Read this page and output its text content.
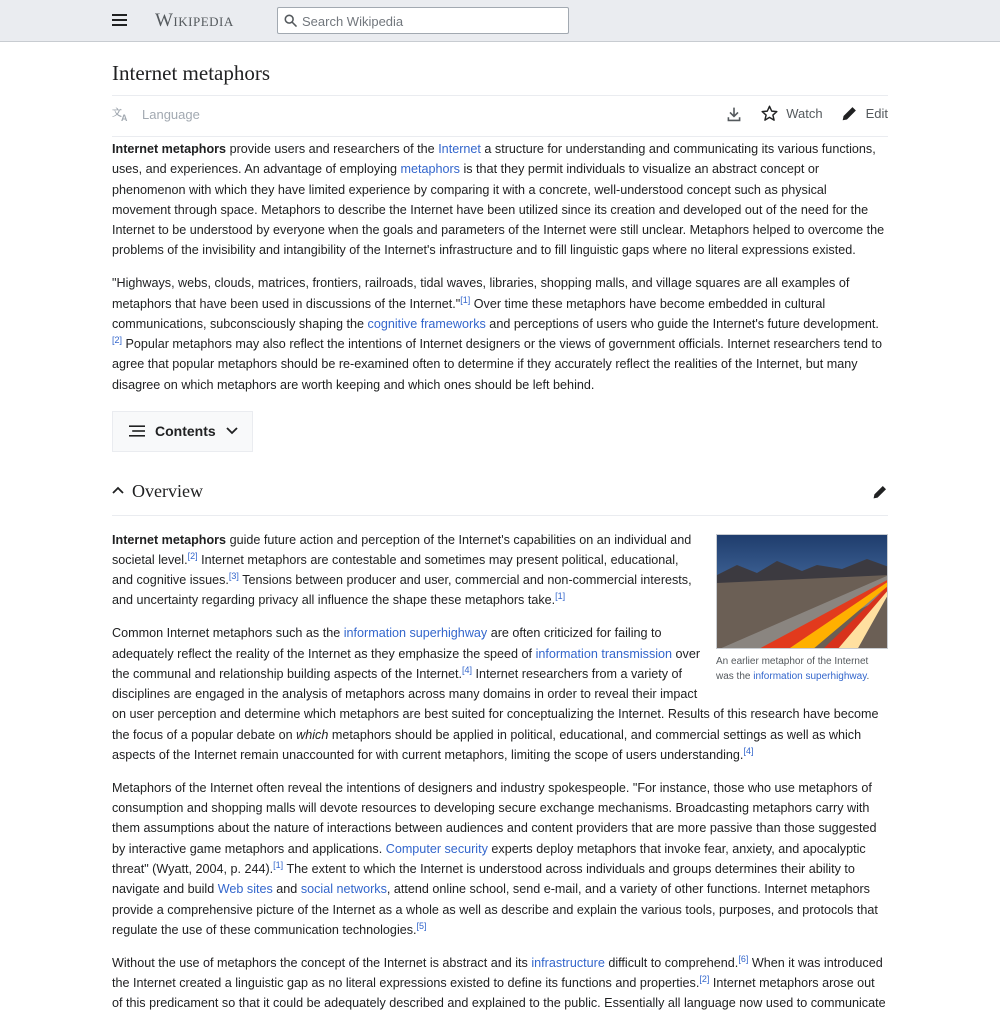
Wikipedia
Search Wikipedia
Internet metaphors
文 A Language	Watch	Edit

Internet metaphors provide users and researchers of the Internet a structure for understanding and communicating its various functions, uses, and experiences. An advantage of employing metaphors is that they permit individuals to visualize an abstract concept or phenomenon with which they have limited experience by comparing it with a concrete, well-understood concept such as physical movement through space. Metaphors to describe the Internet have been utilized since its creation and developed out of the need for the Internet to be understood by everyone when the goals and parameters of the Internet were still unclear. Metaphors helped to overcome the problems of the invisibility and intangibility of the Internet's infrastructure and to fill linguistic gaps where no literal expressions existed.

"Highways, webs, clouds, matrices, frontiers, railroads, tidal waves, libraries, shopping malls, and village squares are all examples of metaphors that have been used in discussions of the Internet."[1] Over time these metaphors have become embedded in cultural communications, subconsciously shaping the cognitive frameworks and perceptions of users who guide the Internet's future development.[2] Popular metaphors may also reflect the intentions of Internet designers or the views of government officials. Internet researchers tend to agree that popular metaphors should be re-examined often to determine if they accurately reflect the realities of the Internet, but many disagree on which metaphors are worth keeping and which ones should be left behind.

Contents
Overview
An earlier metaphor of the Internet was the information superhighway.

Internet metaphors guide future action and perception of the Internet's capabilities on an individual and societal level.[2] Internet metaphors are contestable and sometimes may present political, educational, and cognitive issues.[3] Tensions between producer and user, commercial and non-commercial interests, and uncertainty regarding privacy all influence the shape these metaphors take.[1]

Common Internet metaphors such as the information superhighway are often criticized for failing to adequately reflect the reality of the Internet as they emphasize the speed of information transmission over the communal and relationship building aspects of the Internet.[4] Internet researchers from a variety of disciplines are engaged in the analysis of metaphors across many domains in order to reveal their impact on user perception and determine which metaphors are best suited for conceptualizing the Internet. Results of this research have become the focus of a popular debate on which metaphors should be applied in political, educational, and commercial settings as well as which aspects of the Internet remain unaccounted for with current metaphors, limiting the scope of users understanding.[4]

Metaphors of the Internet often reveal the intentions of designers and industry spokespeople. "For instance, those who use metaphors of consumption and shopping malls will devote resources to developing secure exchange mechanisms. Broadcasting metaphors carry with them assumptions about the nature of interactions between audiences and content providers that are more passive than those suggested by interactive game metaphors and applications. Computer security experts deploy metaphors that invoke fear, anxiety, and apocalyptic threat" (Wyatt, 2004, p. 244).[1] The extent to which the Internet is understood across individuals and groups determines their ability to navigate and build Web sites and social networks, attend online school, send e-mail, and a variety of other functions. Internet metaphors provide a comprehensive picture of the Internet as a whole as well as describe and explain the various tools, purposes, and protocols that regulate the use of these communication technologies.[5]

Without the use of metaphors the concept of the Internet is abstract and its infrastructure difficult to comprehend.[6] When it was introduced the Internet created a linguistic gap as no literal expressions existed to define its functions and properties.[2] Internet metaphors arose out of this predicament so that it could be adequately described and explained to the public. Essentially all language now used to communicate
